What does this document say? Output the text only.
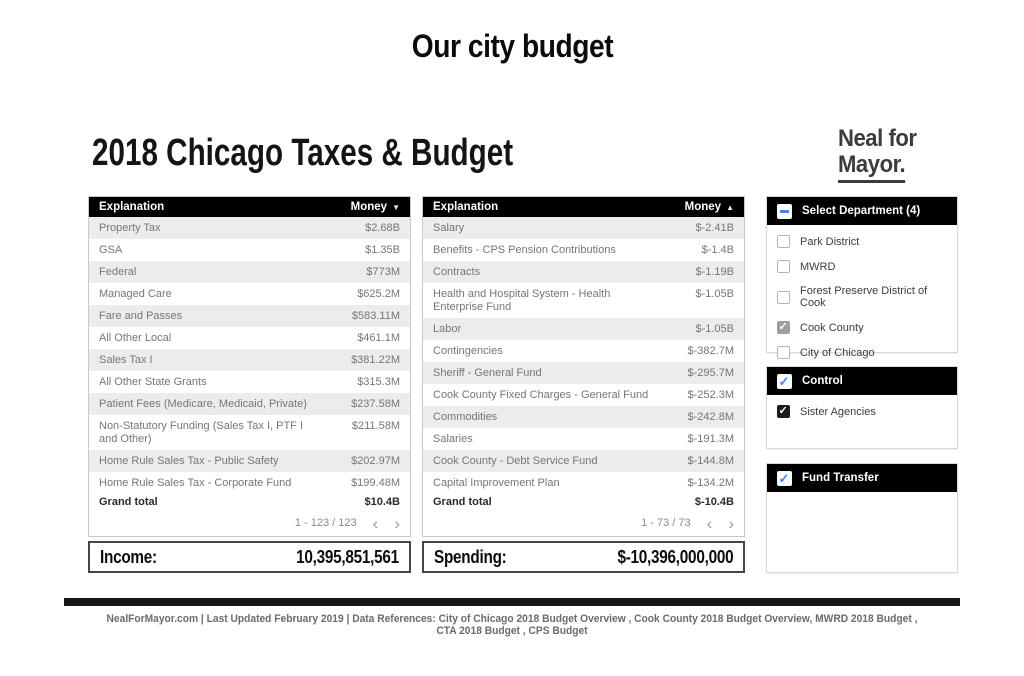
Our city budget
2018 Chicago Taxes & Budget	Neal for
Mayor.
Explanation	Money ▼
Property Tax	$2.68B
GSA	$1.35B
Federal	$773M
Managed Care	$625.2M
Fare and Passes	$583.11M
All Other Local	$461.1M
Sales Tax I	$381.22M
All Other State Grants	$315.3M
Patient Fees (Medicare, Medicaid, Private)	$237.58M
Non-Statutory Funding (Sales Tax I, PTF I and Other)
$211.58M
Home Rule Sales Tax - Public Safety	$202.97M
Home Rule Sales Tax - Corporate Fund	$199.48M
Grand total	$10.4B
1 - 123 / 123 ‹ ›
Explanation	Money ▲
Salary	$-2.41B
Benefits - CPS Pension Contributions	$-1.4B
Contracts	$-1.19B
Health and Hospital System - Health Enterprise Fund
$-1.05B
Labor	$-1.05B
Contingencies	$-382.7M
Sheriff - General Fund	$-295.7M
Cook County Fixed Charges - General Fund	$-252.3M
Commodities	$-242.8M
Salaries	$-191.3M
Cook County - Debt Service Fund	$-144.8M
Capital Improvement Plan	$-134.2M
Grand total	$-10.4B
1 - 73 / 73 ‹ ›
Select Department (4)
Park District
MWRD
Forest Preserve District of Cook
✓
Cook County
City of Chicago
✓
Control
✓
Sister Agencies
✓
Fund Transfer
Income:	10,395,851,561 Spending:	$-10,396,000,000
NealForMayor.com | Last Updated February 2019 | Data References: City of Chicago 2018 Budget Overview , Cook County 2018 Budget Overview, MWRD 2018 Budget , CTA 2018 Budget , CPS Budget
